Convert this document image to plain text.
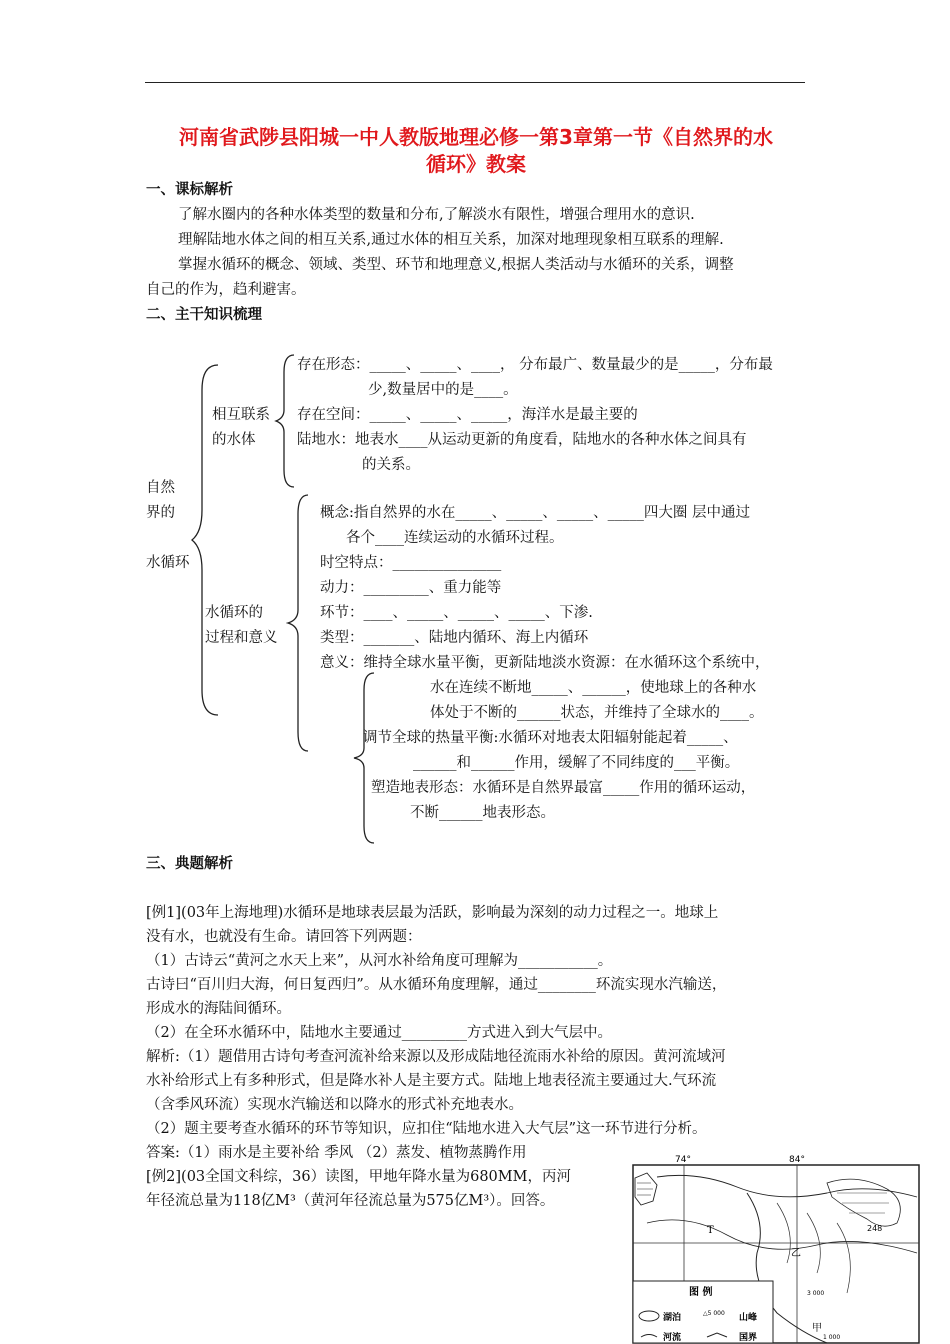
河南省武陟县阳城一中人教版地理必修一第3章第一节《自然界的水
循环》教案
一、课标解析
了解水圈内的各种水体类型的数量和分布,了解淡水有限性，增强合理用水的意识.
理解陆地水体之间的相互关系,通过水体的相互关系，加深对地理现象相互联系的理解.
掌握水循环的概念、领域、类型、环节和地理意义,根据人类活动与水循环的关系，调整
自己的作为，趋利避害。
二、主干知识梳理
自然
界的
水循环
相互联系
的水体
存在形态：_____、_____、____， 分布最广、数量最少的是_____，分布最
少,数量居中的是____。
存在空间：_____、_____、_____，海洋水是最主要的
陆地水：地表水____从运动更新的角度看，陆地水的各种水体之间具有
的关系。
水循环的
过程和意义
概念:指自然界的水在_____、_____、_____、_____四大圈 层中通过
各个____连续运动的水循环过程。
时空特点：_______________
动力：_________、重力能等
环节：____、_____、_____、_____、下渗.
类型：_______、陆地内循环、海上内循环
意义：维持全球水量平衡，更新陆地淡水资源：在水循环这个系统中，
水在连续不断地_____、______，使地球上的各种水
体处于不断的______状态，并维持了全球水的____。
调节全球的热量平衡:水循环对地表太阳辐射能起着_____、
______和______作用，缓解了不同纬度的___平衡。
塑造地表形态：水循环是自然界最富_____作用的循环运动，
不断______地表形态。
三、典题解析
[例1](03年上海地理)水循环是地球表层最为活跃，影响最为深刻的动力过程之一。地球上
没有水，也就没有生命。请回答下列两题：
（1）古诗云“黄河之水天上来”，从河水补给角度可理解为___________。
古诗曰“百川归大海，何日复西归”。从水循环角度理解，通过________环流实现水汽输送，
形成水的海陆间循环。
（2）在全环水循环中，陆地水主要通过_________方式进入到大气层中。
解析:（1）题借用古诗句考查河流补给来源以及形成陆地径流雨水补给的原因。黄河流域河
水补给形式上有多种形式，但是降水补人是主要方式。陆地上地表径流主要通过大.气环流
（含季风环流）实现水汽输送和以降水的形式补充地表水。
（2）题主要考查水循环的环节等知识，应扣住“陆地水进入大气层”这一环节进行分析。
答案:（1）雨水是主要补给 季风 （2）蒸发、植物蒸腾作用
[例2](03全国文科综，36）读图，甲地年降水量为680MM，丙河
年径流总量为118亿M³（黄河年径流总量为575亿M³）。回答。
74°	84°
T	248
乙
甲
图 例
湖泊	△5 000 山峰
河流	国界
3 000
1 000
